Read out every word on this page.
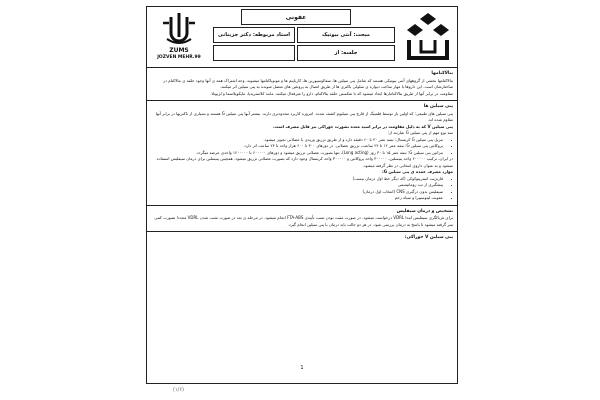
ZUMS
JOZVEN MEHR.99
عفونی
مبحث: آنتی بیوتیک
استاد مربوطه: دکتر جزینانی
جلسه: از
بتالاکتامها

بتالاکتامها بخشی از گروههای آنتی بیوتیکی هستند که شامل پنی سیلین ها، سفالوسپورین ها، کارباپنم ها و مونوباکتامها میشوند. وجه اشتراک همه ی آنها وجود حلقه ی بتالاکتام در ساختارشان است. این داروها با مهار ساخت دیواره ی سلولی باکتری ها از طریق اتصال به پروتئین های متصل شونده به پنی سیلین اثر میکنند.

مقاومت در برابر آنها از طریق بتالاکتامازها ایجاد میشود که با شکستن حلقه بتالاکتام، دارو را غیرفعال میکنند. مانند کلاستریدیا، مایکوپلاسما و لژیونلا.

پنی سیلین ها

پنی سیلین های طبیعی: که اولین بار توسط فلمینگ از قارچ پنی سیلیوم کشف شدند. امروزه کاربرد محدودتری دارند. بیشتر آنها پنی سیلین G هستند و بسیاری از باکتریها در برابر آنها مقاوم شده اند.

پنی سیلین V که به دلیل مقاومت در برابر اسید معده بصورت خوراکی نیز قابل مصرف است.

سه نوع مهم از پنی سیلین G عبارتند از:

• بنزیل پنی سیلین G کریستال: نیمه عمر ۳۰ تا ۶۰ دقیقه دارد و از طریق تزریق وریدی یا عضلانی تجویز میشود.
• پروکائین پنی سیلین G: نیمه عمر ۱۲ تا ۲۴ ساعت، تزریق عضلانی. در دوزهای ۳۰۰ تا ۶۰۰ هزار واحد تا ۲۴ ساعت اثر دارد.
• بنزاتین پنی سیلین G: نیمه عمر ۱۵ تا ۳۰ روز (Long acting)، تنها بصورت عضلانی تزریق میشود و دوزهای ۶۰۰۰۰۰ تا ۱۲۰۰۰۰۰ واحدی عرضه میگردد.

در ایران، ترکیب ۶۰۰۰۰۰ واحد پنیسلین، ۳۰۰۰۰۰ واحد پروکائین و ۳۰۰۰۰۰ واحد کریستال وجود دارد که بصورت عضلانی تزریق میشود. همچنین پنیسلین برای درمان سیفلیس استفاده میشود و به عنوان داروی انتخابی در نظر گرفته میشود.

موارد مصرف عمده ی پنی سیلین G:

• فارنژیت استرپتوکوکی (که دیگر خط اول درمان نیست)
• پیشگیری از تب روماتیسمی
• سیفلیس بدون درگیری CNS (انتخاب اول درمان)
• عفونت لپتوسپیرا و سیاه زخم
تشخیص و درمان سیفلیس

برای غربالگری سیفلیس ابتدا VDRL درخواست میشود. در صورت مثبت بودن تست تأییدی FTA-ABS انجام میشود. در مرحله ی بعد در صورت مثبت شدن VDRL مجددا بصورت کمی تیتر گرفته میشود تا پاسخ به درمان بررسی شود. در هر دو حالت باید درمان با پنی سیلین انجام گیرد.

پنی سیلین V خوراکی:
1
(۱/۶)
